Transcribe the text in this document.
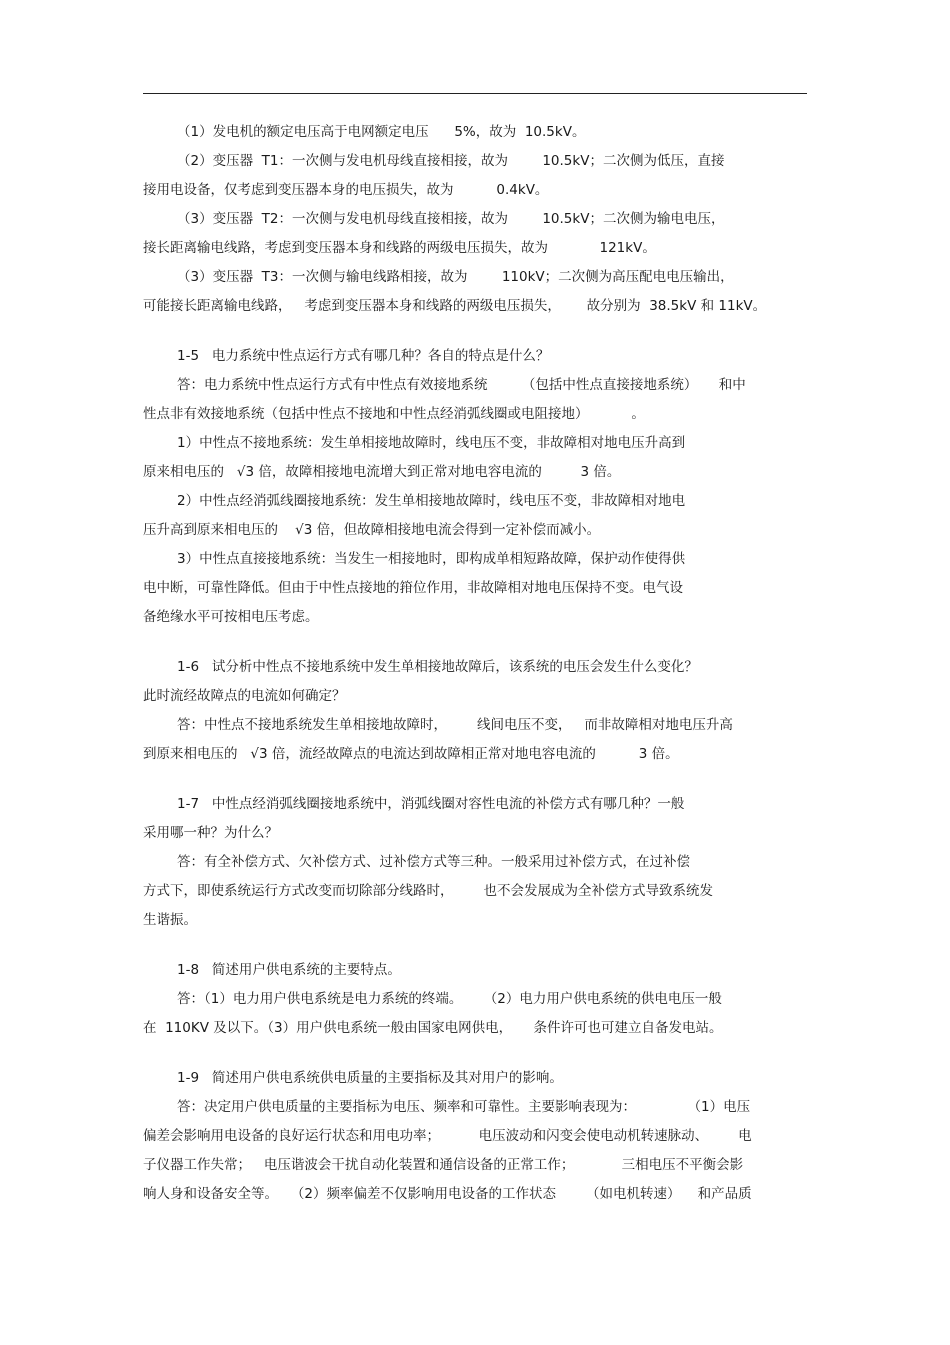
（1）发电机的额定电压高于电网额定电压      5%，故为  10.5kV。

（2）变压器  T1：一次侧与发电机母线直接相接，故为        10.5kV；二次侧为低压，直接

接用电设备，仅考虑到变压器本身的电压损失，故为          0.4kV。

（3）变压器  T2：一次侧与发电机母线直接相接，故为        10.5kV；二次侧为输电电压，

接长距离输电线路，考虑到变压器本身和线路的两级电压损失，故为            121kV。

（3）变压器  T3：一次侧与输电线路相接，故为        110kV；二次侧为高压配电电压输出，

可能接长距离输电线路，   考虑到变压器本身和线路的两级电压损失，      故分别为  38.5kV 和 11kV。

1-5   电力系统中性点运行方式有哪几种？各自的特点是什么？

答：电力系统中性点运行方式有中性点有效接地系统        （包括中性点直接接地系统）     和中

性点非有效接地系统（包括中性点不接地和中性点经消弧线圈或电阻接地）          。

1）中性点不接地系统：发生单相接地故障时，线电压不变，非故障相对地电压升高到

原来相电压的   √3 倍，故障相接地电流增大到正常对地电容电流的         3 倍。

2）中性点经消弧线圈接地系统：发生单相接地故障时，线电压不变，非故障相对地电

压升高到原来相电压的    √3 倍，但故障相接地电流会得到一定补偿而减小。

3）中性点直接接地系统：当发生一相接地时，即构成单相短路故障，保护动作使得供

电中断，可靠性降低。但由于中性点接地的箝位作用，非故障相对地电压保持不变。电气设

备绝缘水平可按相电压考虑。

1-6   试分析中性点不接地系统中发生单相接地故障后，该系统的电压会发生什么变化？

此时流经故障点的电流如何确定？

答：中性点不接地系统发生单相接地故障时，       线间电压不变，   而非故障相对地电压升高

到原来相电压的   √3 倍，流经故障点的电流达到故障相正常对地电容电流的          3 倍。

1-7   中性点经消弧线圈接地系统中，消弧线圈对容性电流的补偿方式有哪几种？一般

采用哪一种？为什么？

答：有全补偿方式、欠补偿方式、过补偿方式等三种。一般采用过补偿方式，在过补偿

方式下，即使系统运行方式改变而切除部分线路时，       也不会发展成为全补偿方式导致系统发

生谐振。

1-8   简述用户供电系统的主要特点。

答：（1）电力用户供电系统是电力系统的终端。     （2）电力用户供电系统的供电电压一般

在  110KV 及以下。（3）用户供电系统一般由国家电网供电，     条件许可也可建立自备发电站。

1-9   简述用户供电系统供电质量的主要指标及其对用户的影响。

答：决定用户供电质量的主要指标为电压、频率和可靠性。主要影响表现为：            （1）电压

偏差会影响用电设备的良好运行状态和用电功率；         电压波动和闪变会使电动机转速脉动、       电

子仪器工作失常；   电压谐波会干扰自动化装置和通信设备的正常工作；           三相电压不平衡会影

响人身和设备安全等。   （2）频率偏差不仅影响用电设备的工作状态       （如电机转速）    和产品质
